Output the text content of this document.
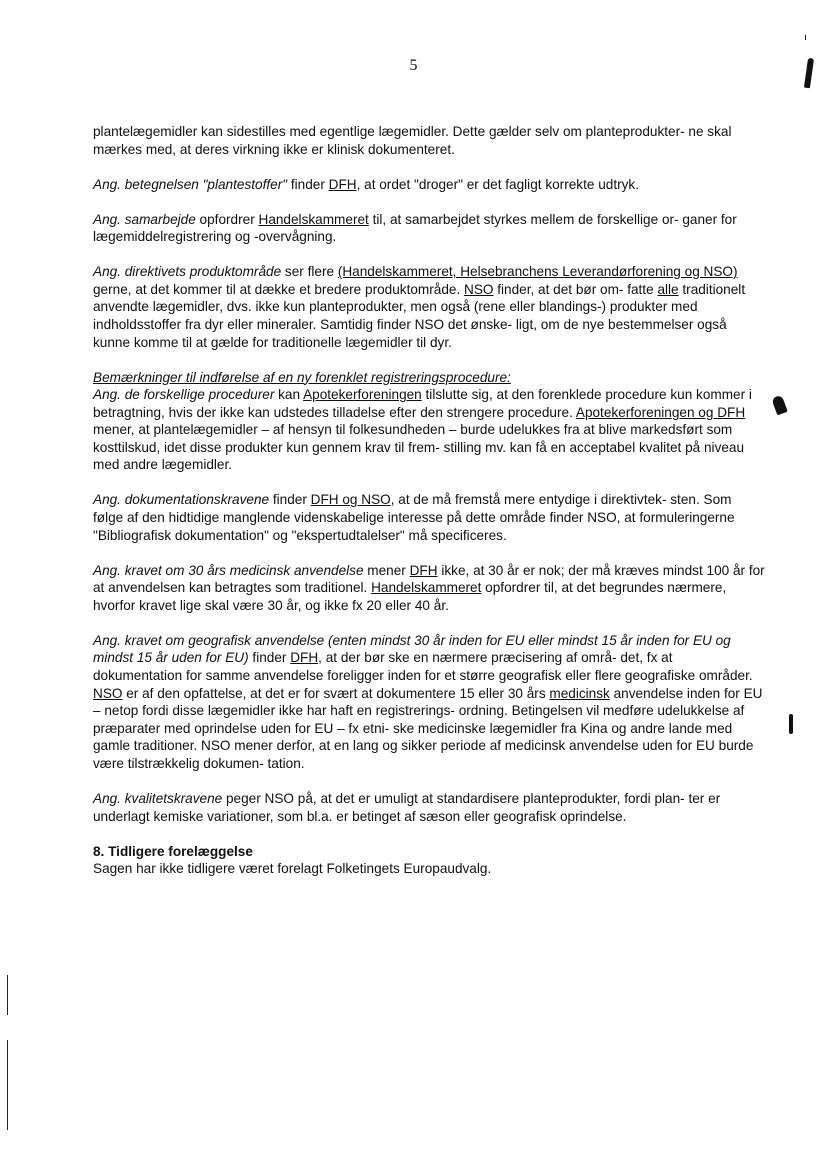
5

plantelægemidler kan sidestilles med egentlige lægemidler. Dette gælder selv om planteprodukter- ne skal mærkes med, at deres virkning ikke er klinisk dokumenteret.

Ang. betegnelsen "plantestoffer" finder DFH, at ordet "droger" er det fagligt korrekte udtryk.

Ang. samarbejde opfordrer Handelskammeret til, at samarbejdet styrkes mellem de forskellige or- ganer for lægemiddelregistrering og -overvågning.

Ang. direktivets produktområde ser flere (Handelskammeret, Helsebranchens Leverandørforening og NSO) gerne, at det kommer til at dække et bredere produktområde. NSO finder, at det bør om- fatte alle traditionelt anvendte lægemidler, dvs. ikke kun planteprodukter, men også (rene eller blandings-) produkter med indholdsstoffer fra dyr eller mineraler. Samtidig finder NSO det ønske- ligt, om de nye bestemmelser også kunne komme til at gælde for traditionelle lægemidler til dyr.

Bemærkninger til indførelse af en ny forenklet registreringsprocedure:
Ang. de forskellige procedurer kan Apotekerforeningen tilslutte sig, at den forenklede procedure kun kommer i betragtning, hvis der ikke kan udstedes tilladelse efter den strengere procedure. Apotekerforeningen og DFH mener, at plantelægemidler – af hensyn til folkesundheden – burde udelukkes fra at blive markedsført som kosttilskud, idet disse produkter kun gennem krav til frem- stilling mv. kan få en acceptabel kvalitet på niveau med andre lægemidler.

Ang. dokumentationskravene finder DFH og NSO, at de må fremstå mere entydige i direktivtek- sten. Som følge af den hidtidige manglende videnskabelige interesse på dette område finder NSO, at formuleringerne "Bibliografisk dokumentation" og "ekspertudtalelser" må specificeres.

Ang. kravet om 30 års medicinsk anvendelse mener DFH ikke, at 30 år er nok; der må kræves mindst 100 år for at anvendelsen kan betragtes som traditionel. Handelskammeret opfordrer til, at det begrundes nærmere, hvorfor kravet lige skal være 30 år, og ikke fx 20 eller 40 år.

Ang. kravet om geografisk anvendelse (enten mindst 30 år inden for EU eller mindst 15 år inden for EU og mindst 15 år uden for EU) finder DFH, at der bør ske en nærmere præcisering af områ- det, fx at dokumentation for samme anvendelse foreligger inden for et større geografisk eller flere geografiske områder. NSO er af den opfattelse, at det er for svært at dokumentere 15 eller 30 års medicinsk anvendelse inden for EU – netop fordi disse lægemidler ikke har haft en registrerings- ordning. Betingelsen vil medføre udelukkelse af præparater med oprindelse uden for EU – fx etni- ske medicinske lægemidler fra Kina og andre lande med gamle traditioner. NSO mener derfor, at en lang og sikker periode af medicinsk anvendelse uden for EU burde være tilstrækkelig dokumen- tation.

Ang. kvalitetskravene peger NSO på, at det er umuligt at standardisere planteprodukter, fordi plan- ter er underlagt kemiske variationer, som bl.a. er betinget af sæson eller geografisk oprindelse.

8. Tidligere forelæggelse
Sagen har ikke tidligere været forelagt Folketingets Europaudvalg.
